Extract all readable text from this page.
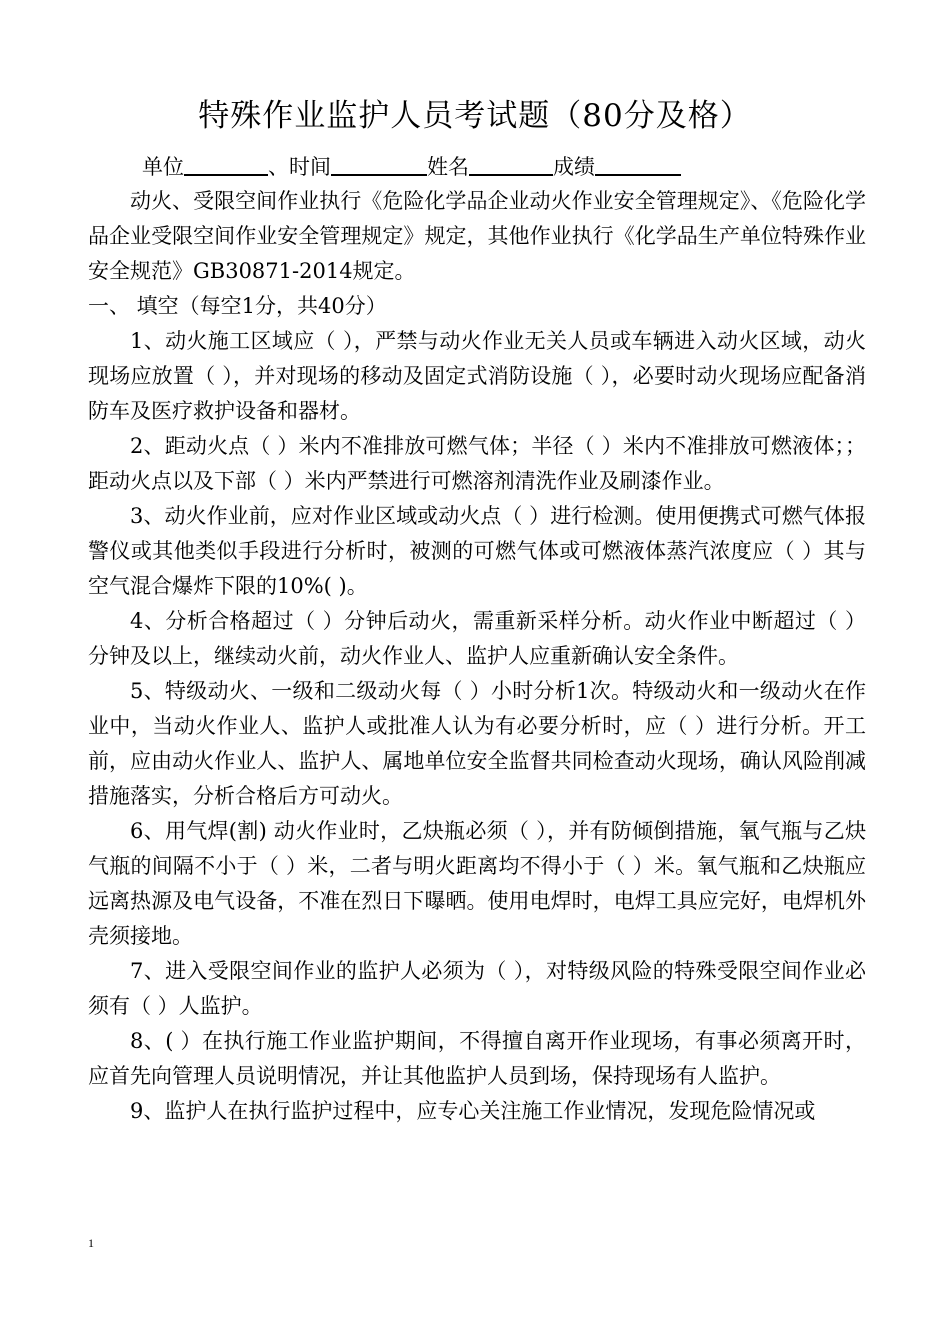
特殊作业监护人员考试题（80分及格）
单位	、时间	姓名	成绩

动火、受限空间作业执行《危险化学品企业动火作业安全管理规定》、《危险化学品企业受限空间作业安全管理规定》规定，其他作业执行《化学品生产单位特殊作业安全规范》GB30871-2014规定。

一、 填空（每空1分，共40分）

1、动火施工区域应（ ），严禁与动火作业无关人员或车辆进入动火区域，动火现场应放置（ ），并对现场的移动及固定式消防设施（ ），必要时动火现场应配备消防车及医疗救护设备和器材。

2、距动火点（ ）米内不准排放可燃气体；半径（ ）米内不准排放可燃液体；；距动火点以及下部（ ）米内严禁进行可燃溶剂清洗作业及刷漆作业。

3、动火作业前，应对作业区域或动火点（ ）进行检测。使用便携式可燃气体报警仪或其他类似手段进行分析时，被测的可燃气体或可燃液体蒸汽浓度应（ ）其与空气混合爆炸下限的10%( )。

4、分析合格超过（ ）分钟后动火，需重新采样分析。动火作业中断超过（ ）分钟及以上，继续动火前，动火作业人、监护人应重新确认安全条件。

5、特级动火、一级和二级动火每（ ）小时分析1次。特级动火和一级动火在作业中，当动火作业人、监护人或批准人认为有必要分析时，应（ ）进行分析。开工前，应由动火作业人、监护人、属地单位安全监督共同检查动火现场，确认风险削减措施落实，分析合格后方可动火。

6、用气焊(割) 动火作业时，乙炔瓶必须（ ），并有防倾倒措施，氧气瓶与乙炔气瓶的间隔不小于（ ）米，二者与明火距离均不得小于（ ）米。氧气瓶和乙炔瓶应远离热源及电气设备，不准在烈日下曝晒。使用电焊时，电焊工具应完好，电焊机外壳须接地。

7、进入受限空间作业的监护人必须为（ ），对特级风险的特殊受限空间作业必须有（ ）人监护。

8、( ）在执行施工作业监护期间，不得擅自离开作业现场，有事必须离开时，应首先向管理人员说明情况，并让其他监护人员到场，保持现场有人监护。

9、监护人在执行监护过程中，应专心关注施工作业情况，发现危险情况或

1
